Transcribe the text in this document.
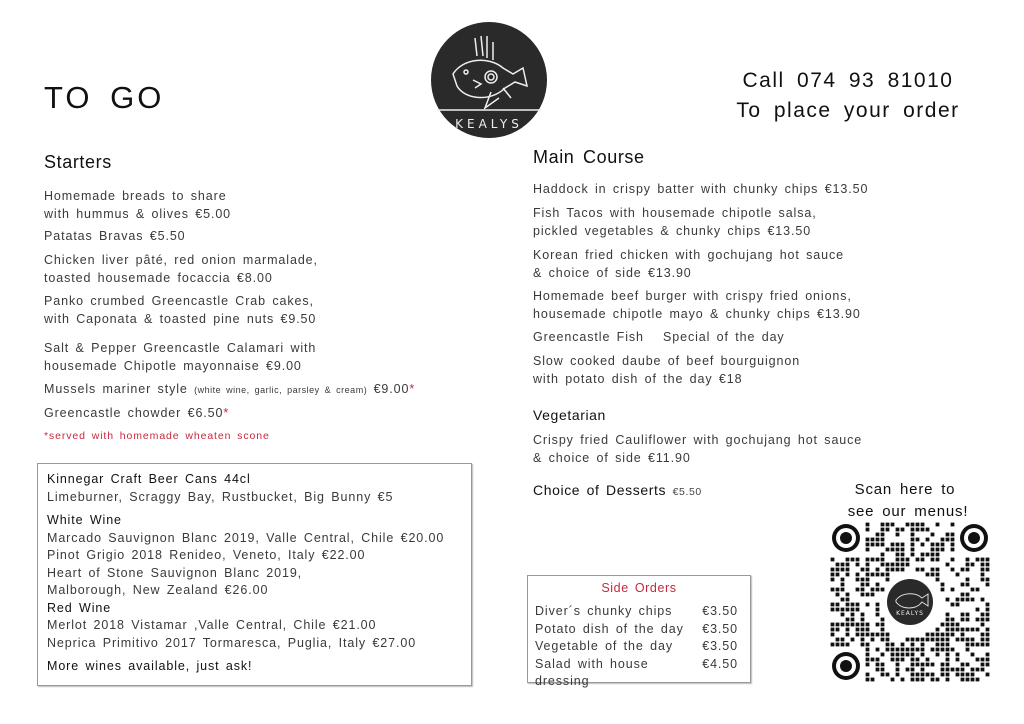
TO GO
KEALYS
Call 074 93 81010
To place your order
Starters
Homemade breads to share
with hummus & olives €5.00
Patatas Bravas €5.50
Chicken liver pâté, red onion marmalade,
toasted housemade focaccia €8.00
Panko crumbed Greencastle Crab cakes,
with Caponata & toasted pine nuts €9.50
Salt & Pepper Greencastle Calamari with
housemade Chipotle mayonnaise €9.00
Mussels mariner style (white wine, garlic, parsley & cream) €9.00*
Greencastle chowder €6.50*
*served with homemade wheaten scone
Kinnegar Craft Beer Cans 44cl
Limeburner, Scraggy Bay, Rustbucket, Big Bunny €5
White Wine
Marcado Sauvignon Blanc 2019, Valle Central, Chile €20.00
Pinot Grigio 2018 Renideo, Veneto, Italy €22.00
Heart of Stone Sauvignon Blanc 2019,
Malborough, New Zealand €26.00
Red Wine
Merlot 2018 Vistamar ,Valle Central, Chile €21.00
Neprica Primitivo 2017 Tormaresca, Puglia, Italy €27.00
More wines available, just ask!
Main Course
Haddock in crispy batter with chunky chips €13.50
Fish Tacos with housemade chipotle salsa,
pickled vegetables & chunky chips €13.50
Korean fried chicken with gochujang hot sauce
& choice of side €13.90
Homemade beef burger with crispy fried onions,
housemade chipotle mayo & chunky chips €13.90
Greencastle Fish   Special of the day
Slow cooked daube of beef bourguignon
with potato dish of the day €18
Vegetarian
Crispy fried Cauliflower with gochujang hot sauce
& choice of side €11.90
Choice of Desserts €5.50
Side Orders
Diver´s chunky chips €3.50
Potato dish of the day €3.50
Vegetable of the day €3.50
Salad with house dressing
€4.50
Scan here to
see our menus!
KEALYS
